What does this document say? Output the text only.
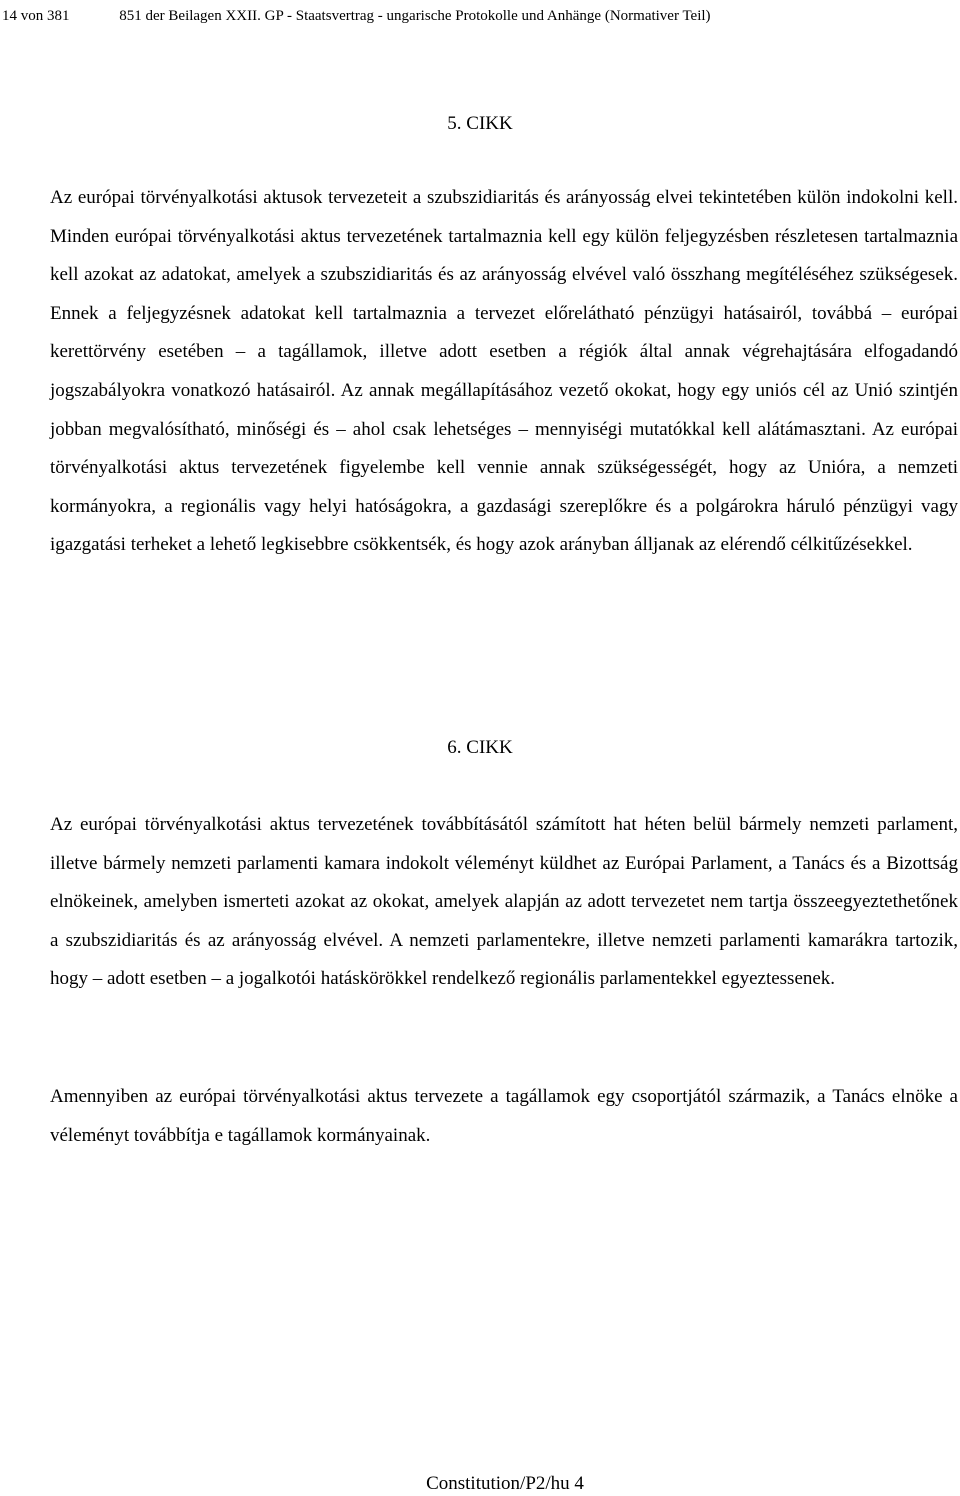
14 von 381	851 der Beilagen XXII. GP - Staatsvertrag - ungarische Protokolle und Anhänge (Normativer Teil)
5. CIKK

Az európai törvényalkotási aktusok tervezeteit a szubszidiaritás és arányosság elvei tekintetében külön indokolni kell. Minden európai törvényalkotási aktus tervezetének tartalmaznia kell egy külön feljegyzésben részletesen tartalmaznia kell azokat az adatokat, amelyek a szubszidiaritás és az arányosság elvével való összhang megítéléséhez szükségesek. Ennek a feljegyzésnek adatokat kell tartalmaznia a tervezet előrelátható pénzügyi hatásairól, továbbá – európai kerettörvény esetében – a tagállamok, illetve adott esetben a régiók által annak végrehajtására elfogadandó jogszabályokra vonatkozó hatásairól. Az annak megállapításához vezető okokat, hogy egy uniós cél az Unió szintjén jobban megvalósítható, minőségi és – ahol csak lehetséges – mennyiségi mutatókkal kell alátámasztani. Az európai törvényalkotási aktus tervezetének figyelembe kell vennie annak szükségességét, hogy az Unióra, a nemzeti kormányokra, a regionális vagy helyi hatóságokra, a gazdasági szereplőkre és a polgárokra háruló pénzügyi vagy igazgatási terheket a lehető legkisebbre csökkentsék, és hogy azok arányban álljanak az elérendő célkitűzésekkel.

6. CIKK

Az európai törvényalkotási aktus tervezetének továbbításától számított hat héten belül bármely nemzeti parlament, illetve bármely nemzeti parlamenti kamara indokolt véleményt küldhet az Európai Parlament, a Tanács és a Bizottság elnökeinek, amelyben ismerteti azokat az okokat, amelyek alapján az adott tervezetet nem tartja összeegyeztethetőnek a szubszidiaritás és az arányosság elvével. A nemzeti parlamentekre, illetve nemzeti parlamenti kamarákra tartozik, hogy – adott esetben – a jogalkotói hatáskörökkel rendelkező regionális parlamentekkel egyeztessenek.

Amennyiben az európai törvényalkotási aktus tervezete a tagállamok egy csoportjától származik, a Tanács elnöke a véleményt továbbítja e tagállamok kormányainak.

Constitution/P2/hu 4
